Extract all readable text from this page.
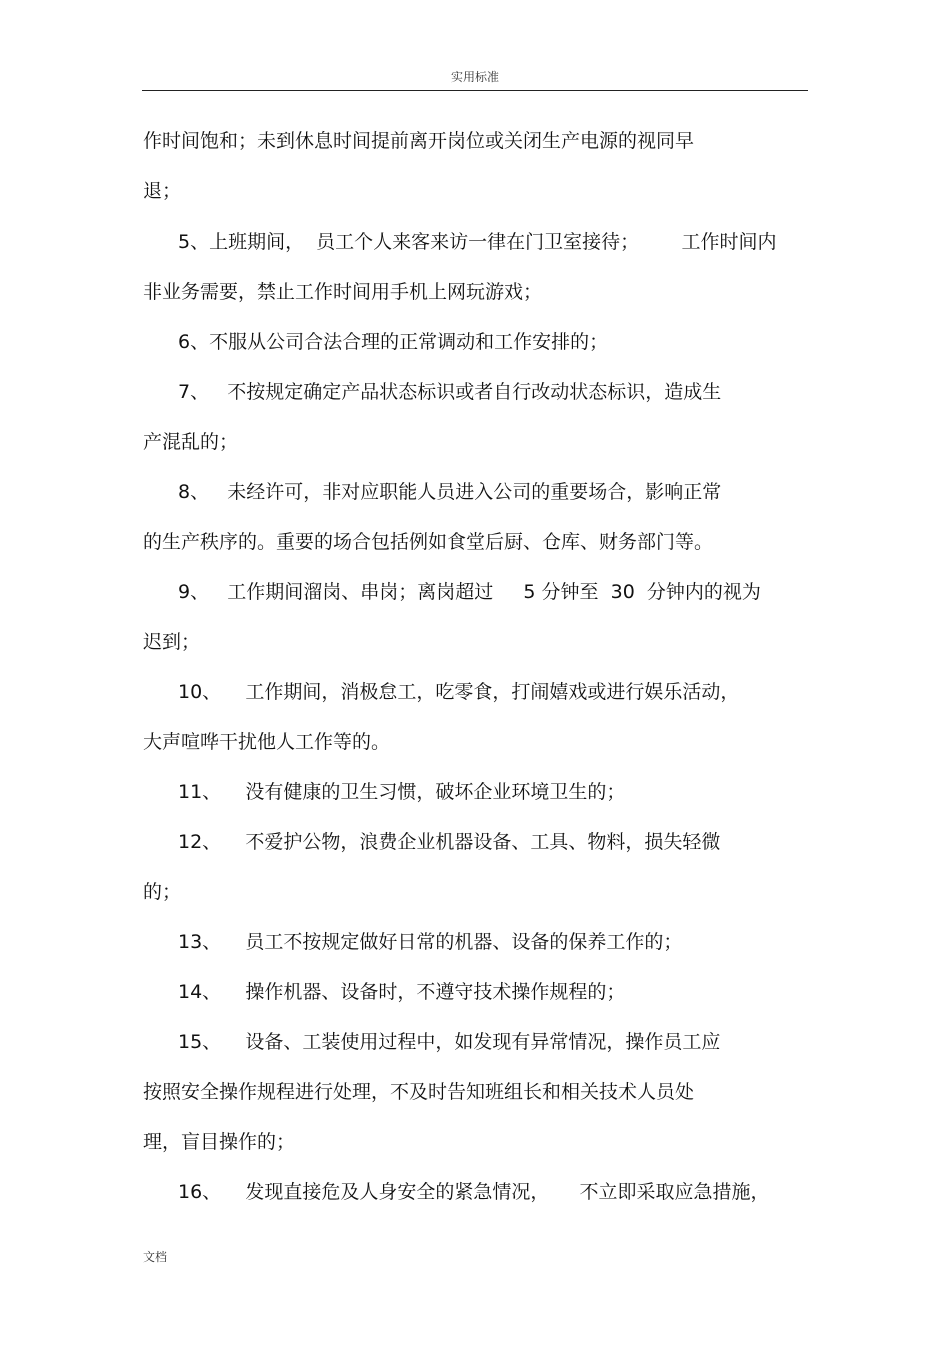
实用标准
作时间饱和；未到休息时间提前离开岗位或关闭生产电源的视同早
退；
5、上班期间，  员工个人来客来访一律在门卫室接待；       工作时间内
非业务需要，禁止工作时间用手机上网玩游戏；
6、不服从公司合法合理的正常调动和工作安排的；
7、   不按规定确定产品状态标识或者自行改动状态标识，造成生
产混乱的；
8、   未经许可，非对应职能人员进入公司的重要场合，影响正常
的生产秩序的。重要的场合包括例如食堂后厨、仓库、财务部门等。
9、   工作期间溜岗、串岗；离岗超过     5 分钟至  30  分钟内的视为
迟到；
10、    工作期间，消极怠工，吃零食，打闹嬉戏或进行娱乐活动，
大声喧哗干扰他人工作等的。
11、    没有健康的卫生习惯，破坏企业环境卫生的；
12、    不爱护公物，浪费企业机器设备、工具、物料，损失轻微
的；
13、    员工不按规定做好日常的机器、设备的保养工作的；
14、    操作机器、设备时，不遵守技术操作规程的；
15、    设备、工装使用过程中，如发现有异常情况，操作员工应
按照安全操作规程进行处理，不及时告知班组长和相关技术人员处
理，盲目操作的；
16、    发现直接危及人身安全的紧急情况，     不立即采取应急措施，
文档
